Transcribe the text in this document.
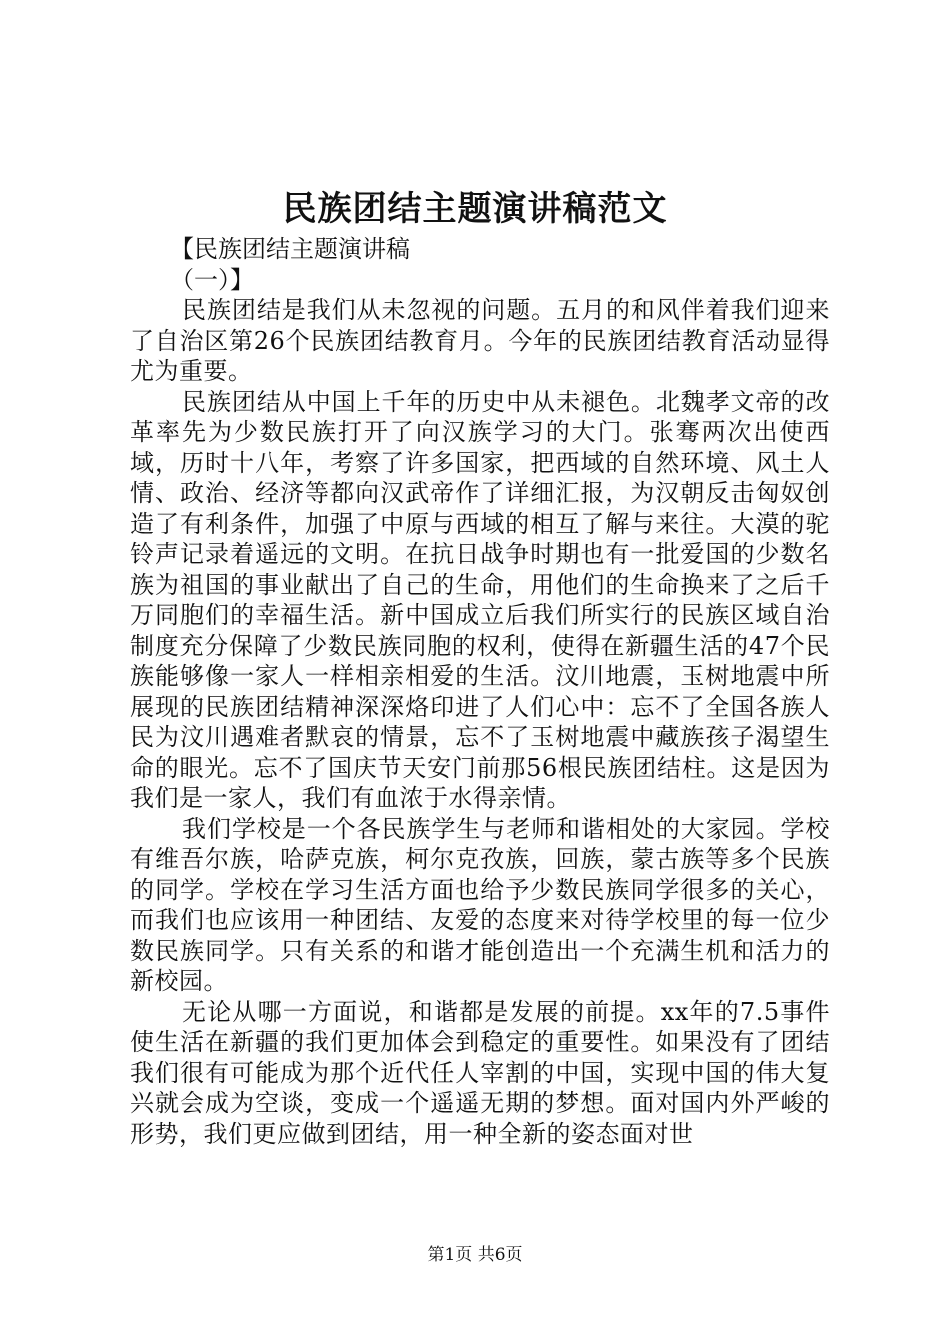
民族团结主题演讲稿范文

【民族团结主题演讲稿

（一）】

民族团结是我们从未忽视的问题。五月的和风伴着我们迎来了自治区第26个民族团结教育月。今年的民族团结教育活动显得尤为重要。

民族团结从中国上千年的历史中从未褪色。北魏孝文帝的改革率先为少数民族打开了向汉族学习的大门。张骞两次出使西域，历时十八年，考察了许多国家，把西域的自然环境、风土人情、政治、经济等都向汉武帝作了详细汇报，为汉朝反击匈奴创造了有利条件，加强了中原与西域的相互了解与来往。大漠的驼铃声记录着遥远的文明。在抗日战争时期也有一批爱国的少数名族为祖国的事业献出了自己的生命，用他们的生命换来了之后千万同胞们的幸福生活。新中国成立后我们所实行的民族区域自治制度充分保障了少数民族同胞的权利，使得在新疆生活的47个民族能够像一家人一样相亲相爱的生活。汶川地震，玉树地震中所展现的民族团结精神深深烙印进了人们心中：忘不了全国各族人民为汶川遇难者默哀的情景，忘不了玉树地震中藏族孩子渴望生命的眼光。忘不了国庆节天安门前那56根民族团结柱。这是因为我们是一家人，我们有血浓于水得亲情。

我们学校是一个各民族学生与老师和谐相处的大家园。学校有维吾尔族，哈萨克族，柯尔克孜族，回族，蒙古族等多个民族的同学。学校在学习生活方面也给予少数民族同学很多的关心，而我们也应该用一种团结、友爱的态度来对待学校里的每一位少数民族同学。只有关系的和谐才能创造出一个充满生机和活力的新校园。

无论从哪一方面说，和谐都是发展的前提。xx年的7.5事件使生活在新疆的我们更加体会到稳定的重要性。如果没有了团结我们很有可能成为那个近代任人宰割的中国，实现中国的伟大复兴就会成为空谈，变成一个遥遥无期的梦想。面对国内外严峻的形势，我们更应做到团结，用一种全新的姿态面对世

第1页 共6页
